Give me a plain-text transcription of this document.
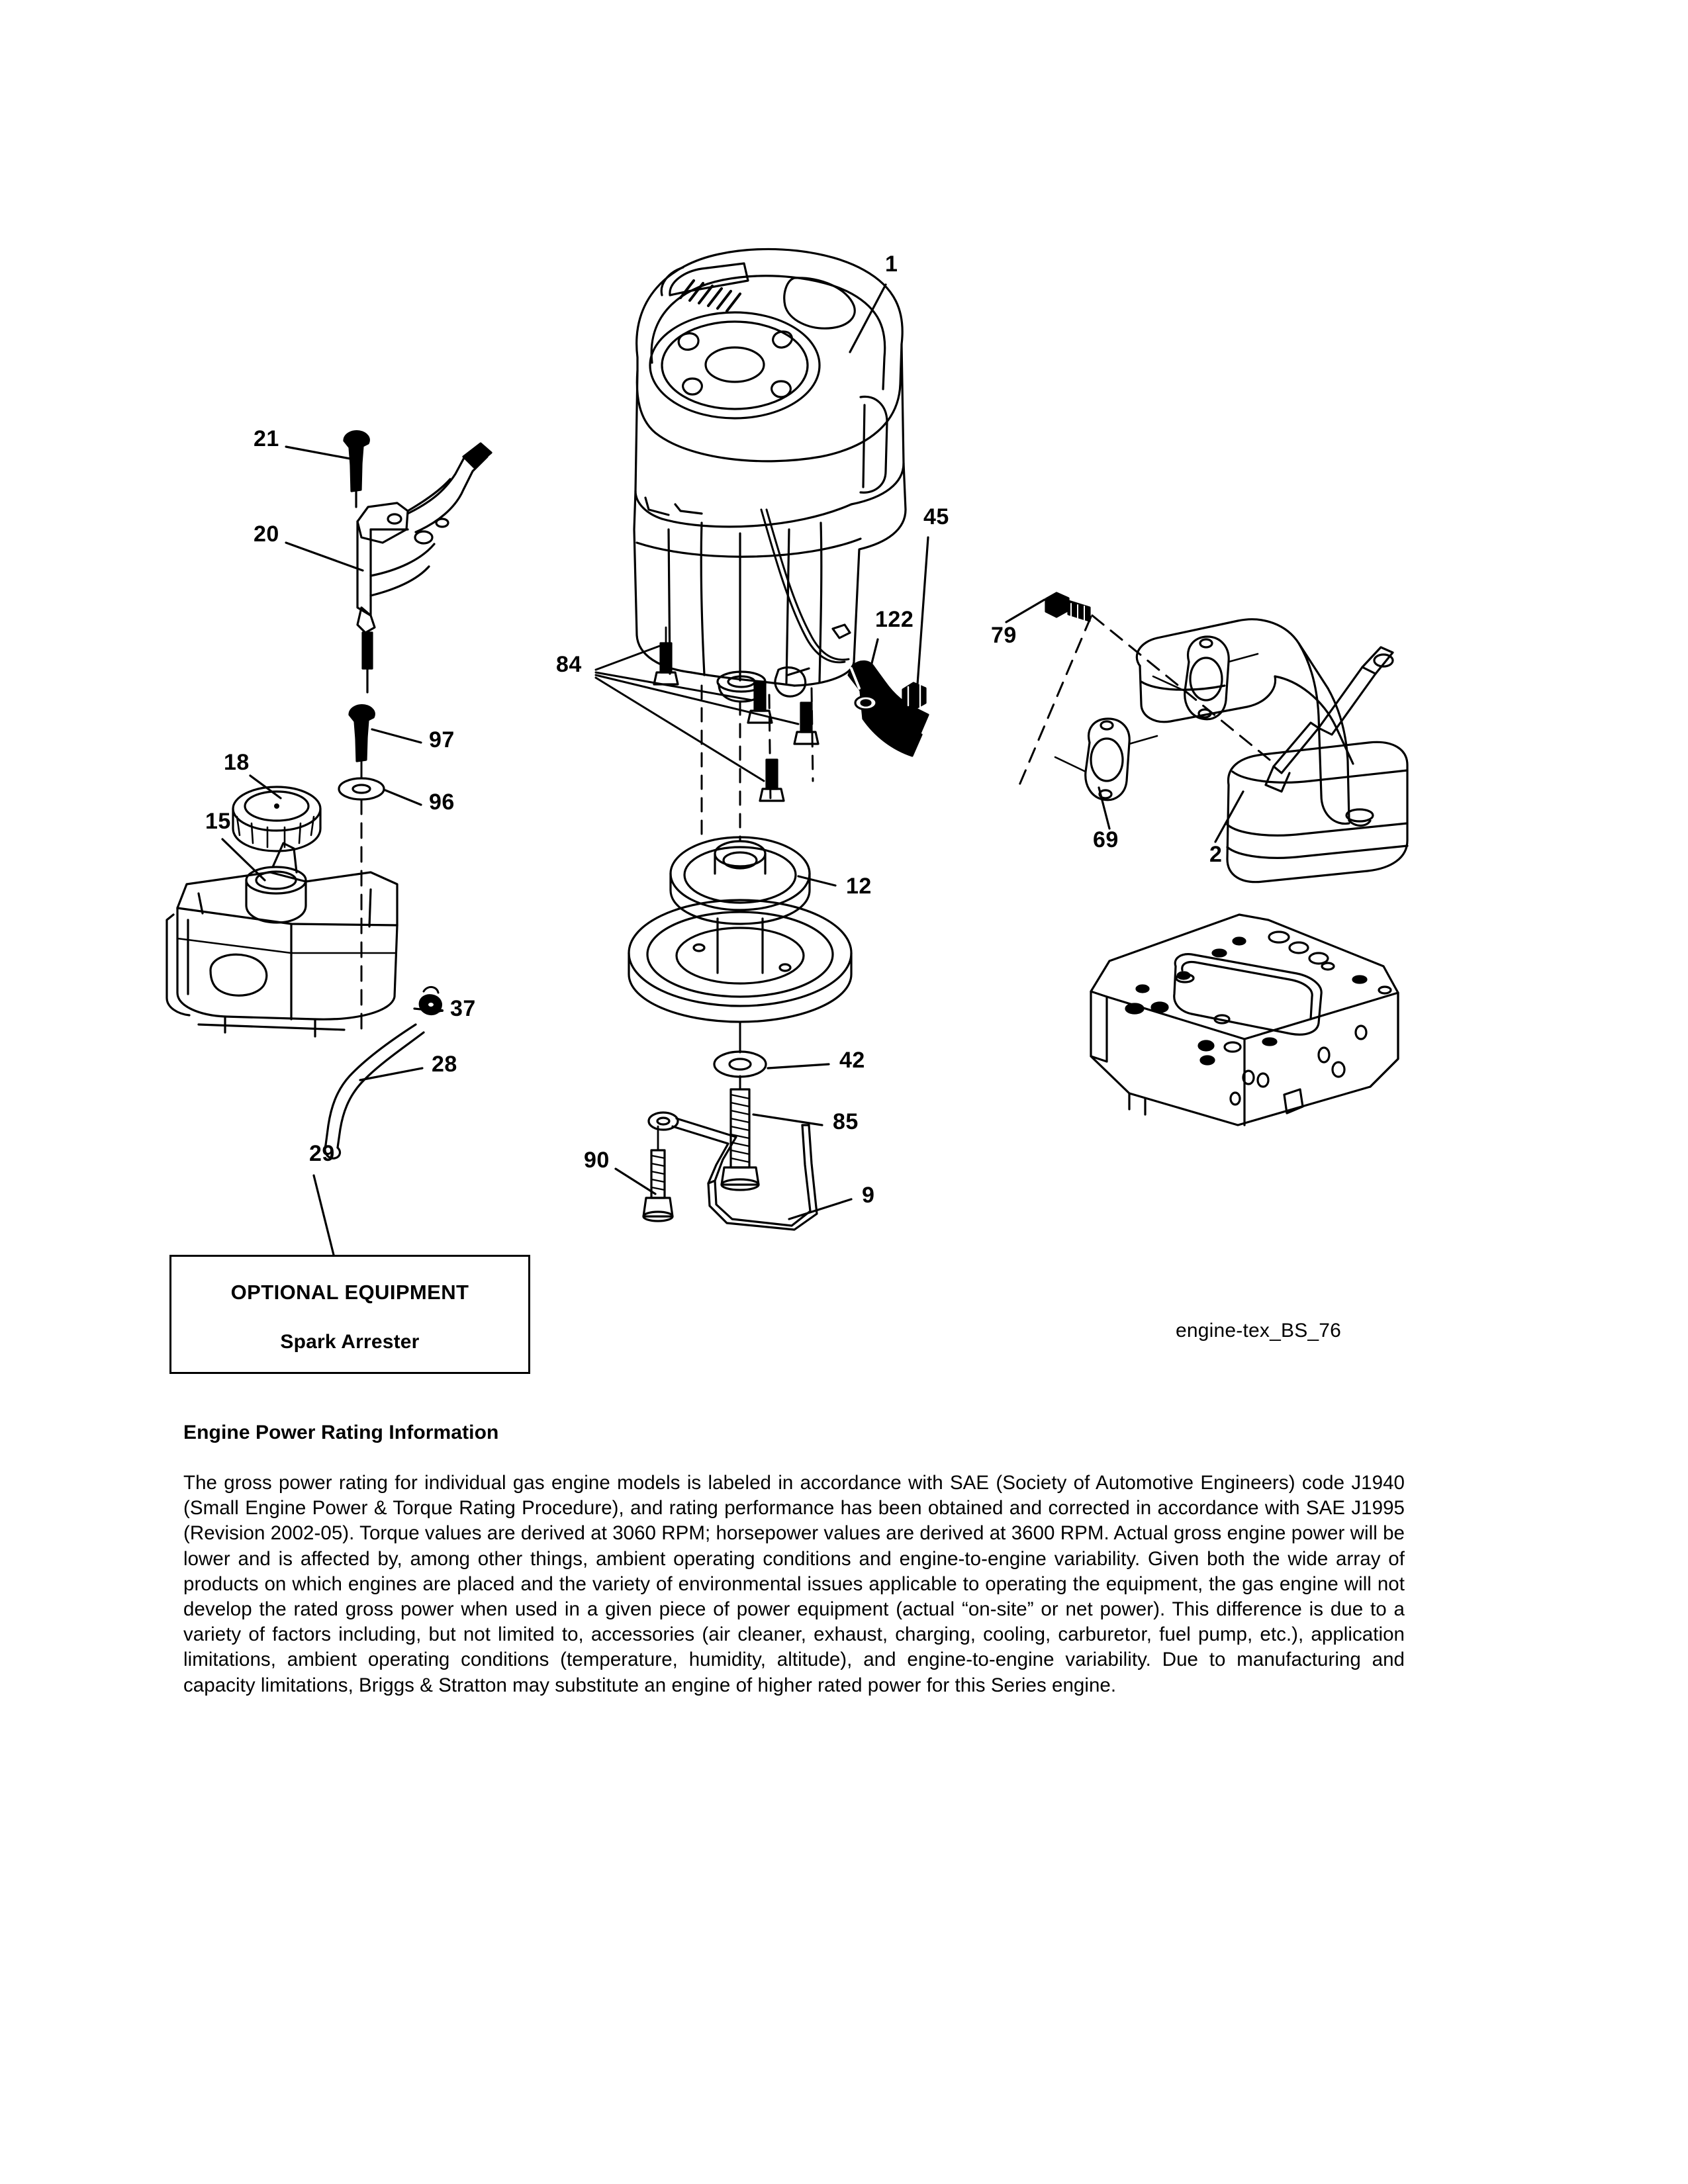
1
21
20
45
122
79
84
97
18
96
15
69
2
12
37
28	42
85
29	90
9
OPTIONAL EQUIPMENT
Spark Arrester
engine-tex_BS_76
Engine Power Rating Information

The gross power rating for individual gas engine models is labeled in accordance with SAE (Society of Automotive Engineers) code J1940 (Small Engine Power & Torque Rating Procedure), and rating performance has been obtained and corrected in accordance with SAE J1995 (Revision 2002-05). Torque values are derived at 3060 RPM; horsepower values are derived at 3600 RPM. Actual gross engine power will be lower and is affected by, among other things, ambient operating conditions and engine-to-engine variability. Given both the wide array of products on which engines are placed and the variety of environmental issues applicable to operating the equipment, the gas engine will not develop the rated gross power when used in a given piece of power equipment (actual “on-site” or net power). This difference is due to a variety of factors including, but not limited to, accessories (air cleaner, exhaust, charging, cooling, carburetor, fuel pump, etc.), application limitations, ambient operating conditions (temperature, humidity, altitude), and engine-to-engine variability. Due to manufacturing and capacity limitations, Briggs & Stratton may substitute an engine of higher rated power for this Series engine.
